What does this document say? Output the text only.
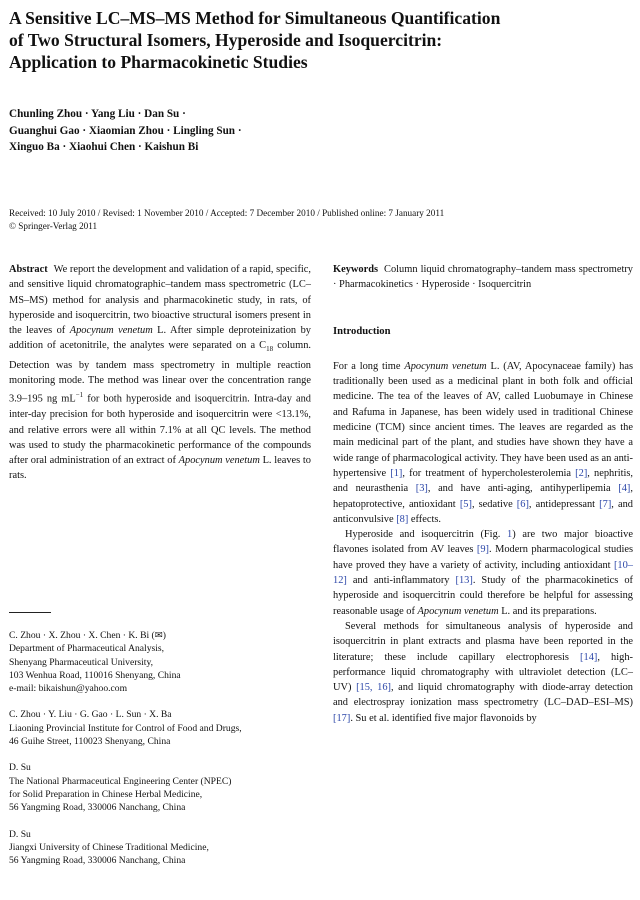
A Sensitive LC–MS–MS Method for Simultaneous Quantification
of Two Structural Isomers, Hyperoside and Isoquercitrin:
Application to Pharmacokinetic Studies
Chunling Zhou · Yang Liu · Dan Su ·
Guanghui Gao · Xiaomian Zhou · Lingling Sun ·
Xinguo Ba · Xiaohui Chen · Kaishun Bi
Received: 10 July 2010 / Revised: 1 November 2010 / Accepted: 7 December 2010 / Published online: 7 January 2011
© Springer-Verlag 2011

Abstract We report the development and validation of a rapid, specific, and sensitive liquid chromatographic–tandem mass spectrometric (LC–MS–MS) method for analysis and pharmacokinetic study, in rats, of hyperoside and isoquercitrin, two bioactive structural isomers present in the leaves of Apocynum venetum L. After simple deproteinization by addition of acetonitrile, the analytes were separated on a $C_{18}$ column. Detection was by tandem mass spectrometry in multiple reaction monitoring mode. The method was linear over the concentration range 3.9–195 ng $mL^{-1}$ for both hyperoside and isoquercitrin. Intra-day and inter-day precision for both hyperoside and isoquercitrin were <13.1%, and relative errors were all within 7.1% at all QC levels. The method was used to study the pharmacokinetic performance of the compounds after oral administration of an extract of Apocynum venetum L. leaves to rats.

C. Zhou · X. Zhou · X. Chen · K. Bi (✉)
Department of Pharmaceutical Analysis,
Shenyang Pharmaceutical University,
103 Wenhua Road, 110016 Shenyang, China
e-mail: bikaishun@yahoo.com
C. Zhou · Y. Liu · G. Gao · L. Sun · X. Ba
Liaoning Provincial Institute for Control of Food and Drugs,
46 Guihe Street, 110023 Shenyang, China
D. Su
The National Pharmaceutical Engineering Center (NPEC)
for Solid Preparation in Chinese Herbal Medicine,
56 Yangming Road, 330006 Nanchang, China
D. Su
Jiangxi University of Chinese Traditional Medicine,
56 Yangming Road, 330006 Nanchang, China

Keywords Column liquid chromatography–tandem mass spectrometry · Pharmacokinetics · Hyperoside · Isoquercitrin

Introduction

For a long time Apocynum venetum L. (AV, Apocynaceae family) has traditionally been used as a medicinal plant in both folk and official medicine. The tea of the leaves of AV, called Luobumaye in Chinese and Rafuma in Japanese, has been widely used in traditional Chinese medicine (TCM) since ancient times. The leaves are regarded as the main medicinal part of the plant, and studies have shown they have a wide range of pharmacological activity. They have been used as an anti-hypertensive [1], for treatment of hypercholesterolemia [2], nephritis, and neurasthenia [3], and have anti-aging, antihyperlipemia [4], hepatoprotective, antioxidant [5], sedative [6], antidepressant [7], and anticonvulsive [8] effects.

Hyperoside and isoquercitrin (Fig. 1) are two major bioactive flavones isolated from AV leaves [9]. Modern pharmacological studies have proved they have a variety of activity, including antioxidant [10–12] and anti-inflammatory [13]. Study of the pharmacokinetics of hyperoside and isoquercitrin could therefore be helpful for assessing reasonable usage of Apocynum venetum L. and its preparations.

Several methods for simultaneous analysis of hyperoside and isoquercitrin in plant extracts and plasma have been reported in the literature; these include capillary electrophoresis [14], high-performance liquid chromatography with ultraviolet detection (LC–UV) [15, 16], and liquid chromatography with diode-array detection and electrospray ionization mass spectrometry (LC–DAD–ESI–MS) [17]. Su et al. identified five major flavonoids by
